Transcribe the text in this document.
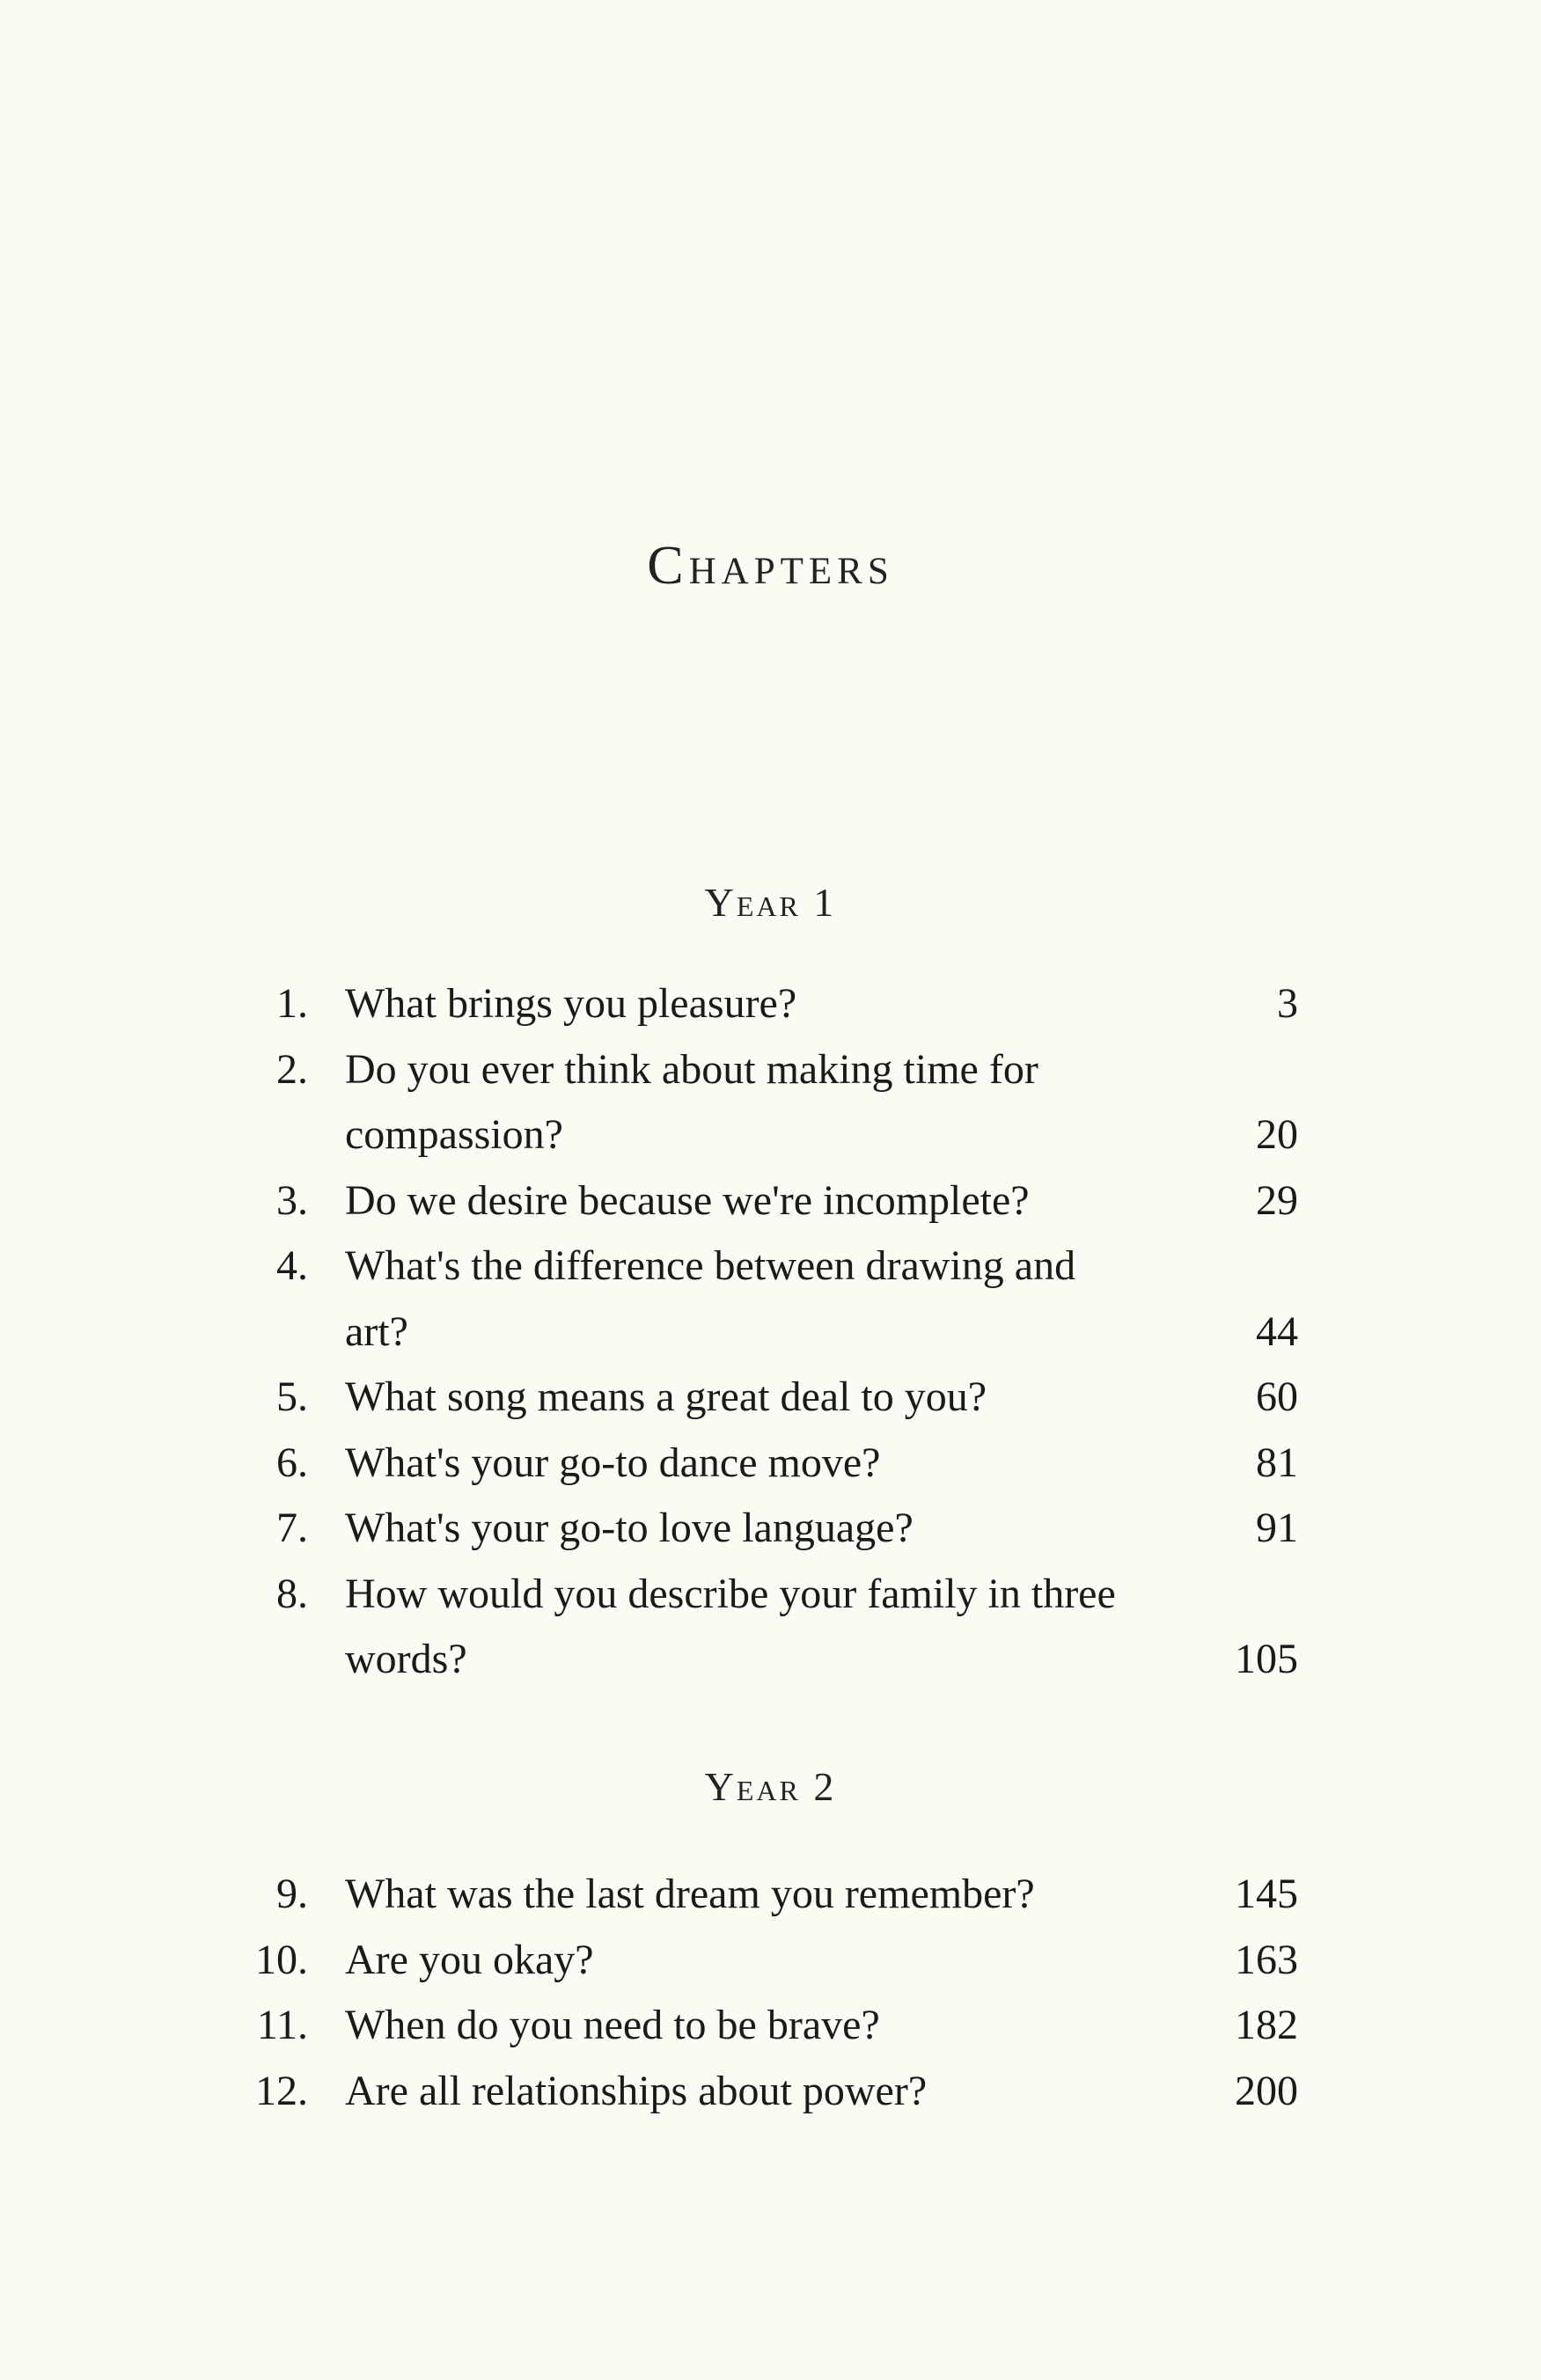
Chapters
Year 1
1. What brings you pleasure?	3
2. Do you ever think about making time for compassion?	20
3. Do we desire because we're incomplete?	29
4. What's the difference between drawing and art?	44
5. What song means a great deal to you?	60
6. What's your go-to dance move?	81
7. What's your go-to love language?	91
8. How would you describe your family in three words?	105
Year 2
9. What was the last dream you remember?	145
10. Are you okay?	163
11. When do you need to be brave?	182
12. Are all relationships about power?	200
